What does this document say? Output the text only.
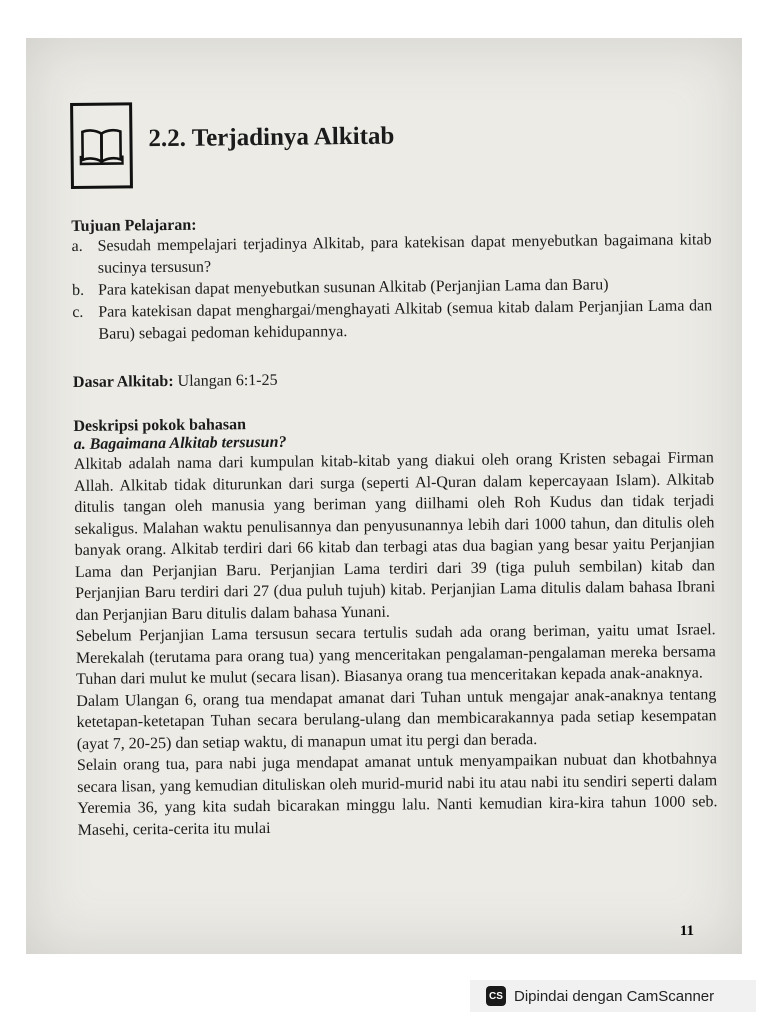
2.2. Terjadinya Alkitab
Tujuan Pelajaran:
a. Sesudah mempelajari terjadinya Alkitab, para katekisan dapat menyebutkan bagaimana kitab sucinya tersusun?
b. Para katekisan dapat menyebutkan susunan Alkitab (Perjanjian Lama dan Baru)
c. Para katekisan dapat menghargai/menghayati Alkitab (semua kitab dalam Perjanjian Lama dan Baru) sebagai pedoman kehidupannya.
Dasar Alkitab: Ulangan 6:1-25
Deskripsi pokok bahasan
a. Bagaimana Alkitab tersusun?

Alkitab adalah nama dari kumpulan kitab-kitab yang diakui oleh orang Kristen sebagai Firman Allah. Alkitab tidak diturunkan dari surga (seperti Al-Quran dalam kepercayaan Islam). Alkitab ditulis tangan oleh manusia yang beriman yang diilhami oleh Roh Kudus dan tidak terjadi sekaligus. Malahan waktu penulisannya dan penyusunannya lebih dari 1000 tahun, dan ditulis oleh banyak orang. Alkitab terdiri dari 66 kitab dan terbagi atas dua bagian yang besar yaitu Perjanjian Lama dan Perjanjian Baru. Perjanjian Lama terdiri dari 39 (tiga puluh sembilan) kitab dan Perjanjian Baru terdiri dari 27 (dua puluh tujuh) kitab. Perjanjian Lama ditulis dalam bahasa Ibrani dan Perjanjian Baru ditulis dalam bahasa Yunani.

Sebelum Perjanjian Lama tersusun secara tertulis sudah ada orang beriman, yaitu umat Israel. Merekalah (terutama para orang tua) yang menceritakan pengalaman-pengalaman mereka bersama Tuhan dari mulut ke mulut (secara lisan). Biasanya orang tua menceritakan kepada anak-anaknya.

Dalam Ulangan 6, orang tua mendapat amanat dari Tuhan untuk mengajar anak-anaknya tentang ketetapan-ketetapan Tuhan secara berulang-ulang dan membicarakannya pada setiap kesempatan (ayat 7, 20-25) dan setiap waktu, di manapun umat itu pergi dan berada.

Selain orang tua, para nabi juga mendapat amanat untuk menyampaikan nubuat dan khotbahnya secara lisan, yang kemudian dituliskan oleh murid-murid nabi itu atau nabi itu sendiri seperti dalam Yeremia 36, yang kita sudah bicarakan minggu lalu. Nanti kemudian kira-kira tahun 1000 seb. Masehi, cerita-cerita itu mulai

11
CS Dipindai dengan CamScanner
